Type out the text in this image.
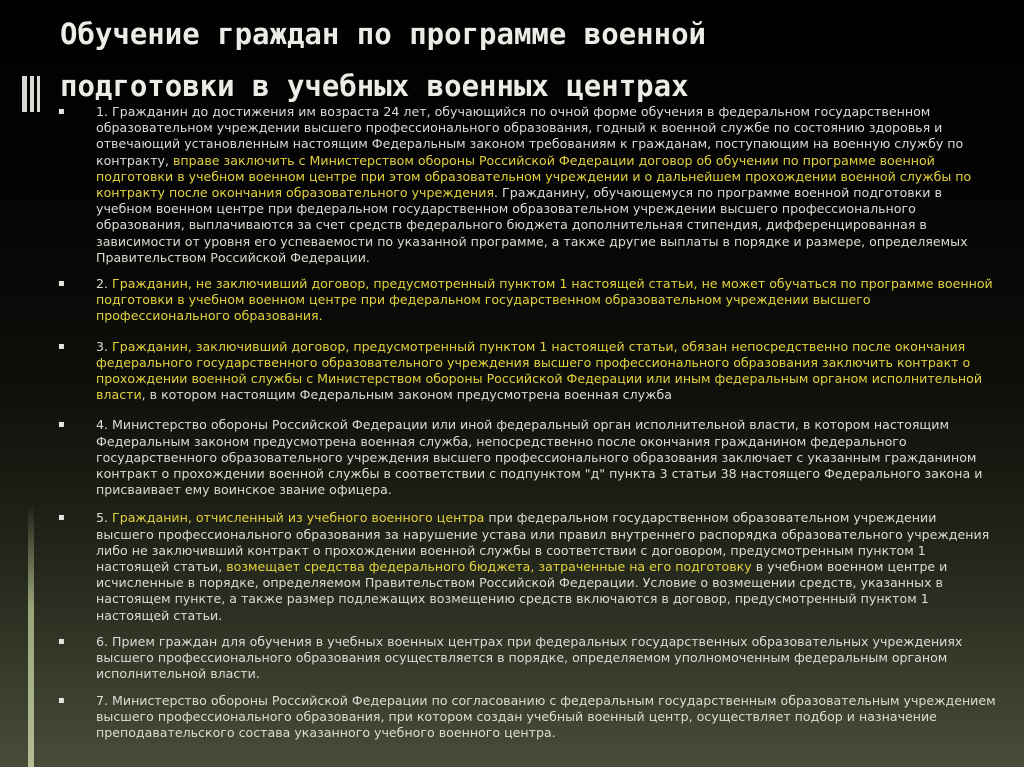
Обучение граждан по программе военной
подготовки в учебных военных центрах
▪ 1. Гражданин до достижения им возраста 24 лет, обучающийся по очной форме обучения в федеральном государственном образовательном учреждении высшего профессионального образования, годный к военной службе по состоянию здоровья и отвечающий установленным настоящим Федеральным законом требованиям к гражданам, поступающим на военную службу по контракту, вправе заключить с Министерством обороны Российской Федерации договор об обучении по программе военной подготовки в учебном военном центре при этом образовательном учреждении и о дальнейшем прохождении военной службы по контракту после окончания образовательного учреждения. Гражданину, обучающемуся по программе военной подготовки в учебном военном центре при федеральном государственном образовательном учреждении высшего профессионального образования, выплачиваются за счет средств федерального бюджета дополнительная стипендия, дифференцированная в зависимости от уровня его успеваемости по указанной программе, а также другие выплаты в порядке и размере, определяемых Правительством Российской Федерации.
▪ 2. Гражданин, не заключивший договор, предусмотренный пунктом 1 настоящей статьи, не может обучаться по программе военной подготовки в учебном военном центре при федеральном государственном образовательном учреждении высшего профессионального образования.
▪ 3. Гражданин, заключивший договор, предусмотренный пунктом 1 настоящей статьи, обязан непосредственно после окончания федерального государственного образовательного учреждения высшего профессионального образования заключить контракт о прохождении военной службы с Министерством обороны Российской Федерации или иным федеральным органом исполнительной власти, в котором настоящим Федеральным законом предусмотрена военная служба
▪ 4. Министерство обороны Российской Федерации или иной федеральный орган исполнительной власти, в котором настоящим Федеральным законом предусмотрена военная служба, непосредственно после окончания гражданином федерального государственного образовательного учреждения высшего профессионального образования заключает с указанным гражданином контракт о прохождении военной службы в соответствии с подпунктом "д" пункта 3 статьи 38 настоящего Федерального закона и присваивает ему воинское звание офицера.
▪ 5. Гражданин, отчисленный из учебного военного центра при федеральном государственном образовательном учреждении высшего профессионального образования за нарушение устава или правил внутреннего распорядка образовательного учреждения либо не заключивший контракт о прохождении военной службы в соответствии с договором, предусмотренным пунктом 1 настоящей статьи, возмещает средства федерального бюджета, затраченные на его подготовку в учебном военном центре и исчисленные в порядке, определяемом Правительством Российской Федерации. Условие о возмещении средств, указанных в настоящем пункте, а также размер подлежащих возмещению средств включаются в договор, предусмотренный пунктом 1 настоящей статьи.
▪ 6. Прием граждан для обучения в учебных военных центрах при федеральных государственных образовательных учреждениях высшего профессионального образования осуществляется в порядке, определяемом уполномоченным федеральным органом исполнительной власти.
▪ 7. Министерство обороны Российской Федерации по согласованию с федеральным государственным образовательным учреждением высшего профессионального образования, при котором создан учебный военный центр, осуществляет подбор и назначение преподавательского состава указанного учебного военного центра.
